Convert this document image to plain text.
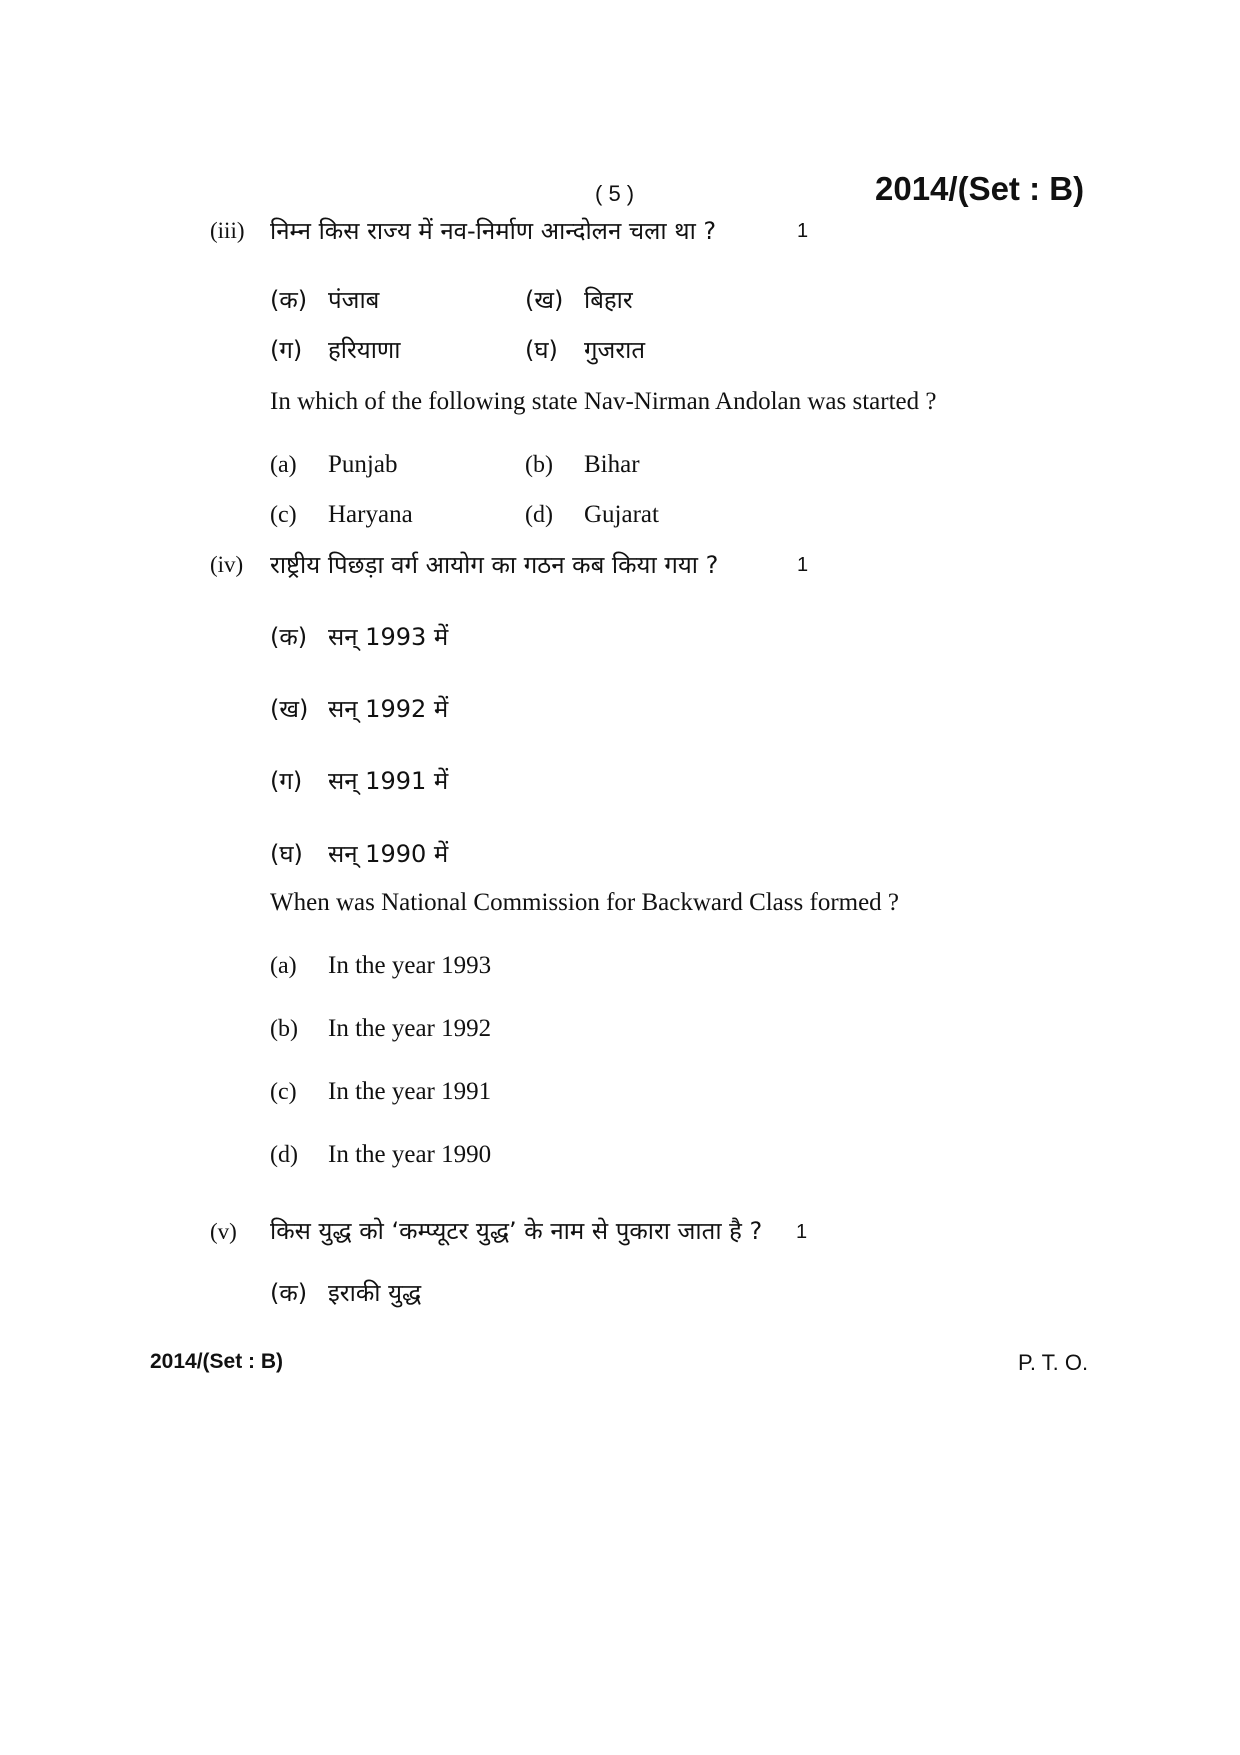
( 5 )	2014/(Set : B)
(iii) निम्न किस राज्य में नव-निर्माण आन्दोलन चला था ?	1
(क) पंजाब	(ख) बिहार
(ग) हरियाणा	(घ) गुजरात
In which of the following state Nav-Nirman Andolan was started ?
(a) Punjab	(b) Bihar
(c) Haryana	(d) Gujarat
(iv) राष्ट्रीय पिछड़ा वर्ग आयोग का गठन कब किया गया ?	1
(क) सन् 1993 में
(ख) सन् 1992 में
(ग) सन् 1991 में
(घ) सन् 1990 में
When was National Commission for Backward Class formed ?
(a) In the year 1993
(b) In the year 1992
(c) In the year 1991
(d) In the year 1990
(v) किस युद्ध को ‘कम्प्यूटर युद्ध’ के नाम से पुकारा जाता है ? 1
(क) इराकी युद्ध
2014/(Set : B)	P. T. O.
